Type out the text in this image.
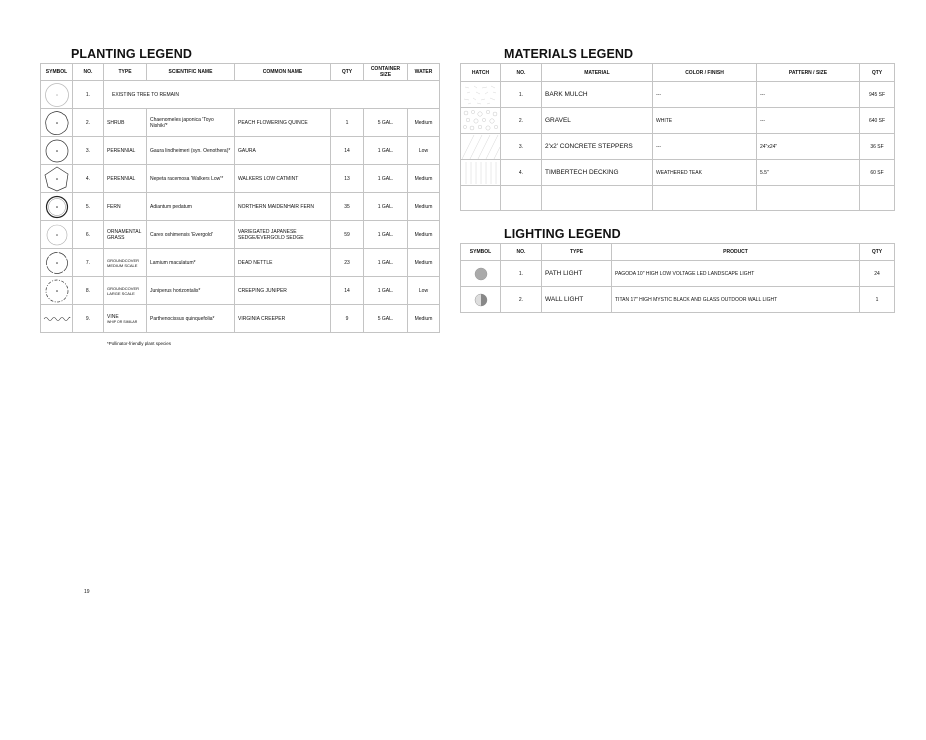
PLANTING LEGEND
SYMBOL	NO.	TYPE	SCIENTIFIC NAME	COMMON NAME	QTY	CONTAINER SIZE	WATER

	1.	EXISTING TREE TO REMAIN					

	2.	SHRUB	Chaenomeles japonica 'Toyo Nishiki'*	PEACH FLOWERING QUINCE	1	5 GAL.	Medium

	3.	PERENNIAL	Gaura lindheimeri (syn. Oenothera)*	GAURA	14	1 GAL.	Low

	4.	PERENNIAL	Nepeta racemosa 'Walkers Low'*	WALKERS LOW CATMINT	13	1 GAL.	Medium

	5.	FERN	Adiantum pedatum	NORTHERN MAIDENHAIR FERN	35	1 GAL.	Medium

	6.	ORNAMENTAL GRASS	Carex oshimensis 'Evergold'	VARIEGATED JAPANESE SEDGE/EVERGOLD SEDGE	59	1 GAL.	Medium

	7.	GROUNDCOVER MEDIUM SCALE	Lamium maculatum*	DEAD NETTLE	23	1 GAL.	Medium

	8.	GROUNDCOVER LARGE SCALE	Juniperus horizontalis*	CREEPING JUNIPER	14	1 GAL.	Low

	9.	VINE
WHIP OR SIMILAR	Parthenocissus quinquefolia*	VIRGINIA CREEPER	9	5 GAL.	Medium
*Pollinator-friendly plant species
MATERIALS LEGEND
HATCH	NO.	MATERIAL	COLOR / FINISH	PATTERN / SIZE	QTY

	1.	BARK MULCH	---	---	945 SF

	2.	GRAVEL	WHITE	---	640 SF

	3.	2'x2' CONCRETE STEPPERS	---	24"x24"	36 SF

	4.	TIMBERTECH DECKING	WEATHERED TEAK	5.5"	60 SF

LIGHTING LEGEND
SYMBOL	NO.	TYPE	PRODUCT	QTY

	1.	PATH LIGHT	PAGODA 10" HIGH LOW VOLTAGE LED LANDSCAPE LIGHT	24

	2.	WALL LIGHT	TITAN 17" HIGH MYSTIC BLACK AND GLASS OUTDOOR WALL LIGHT	1
19
